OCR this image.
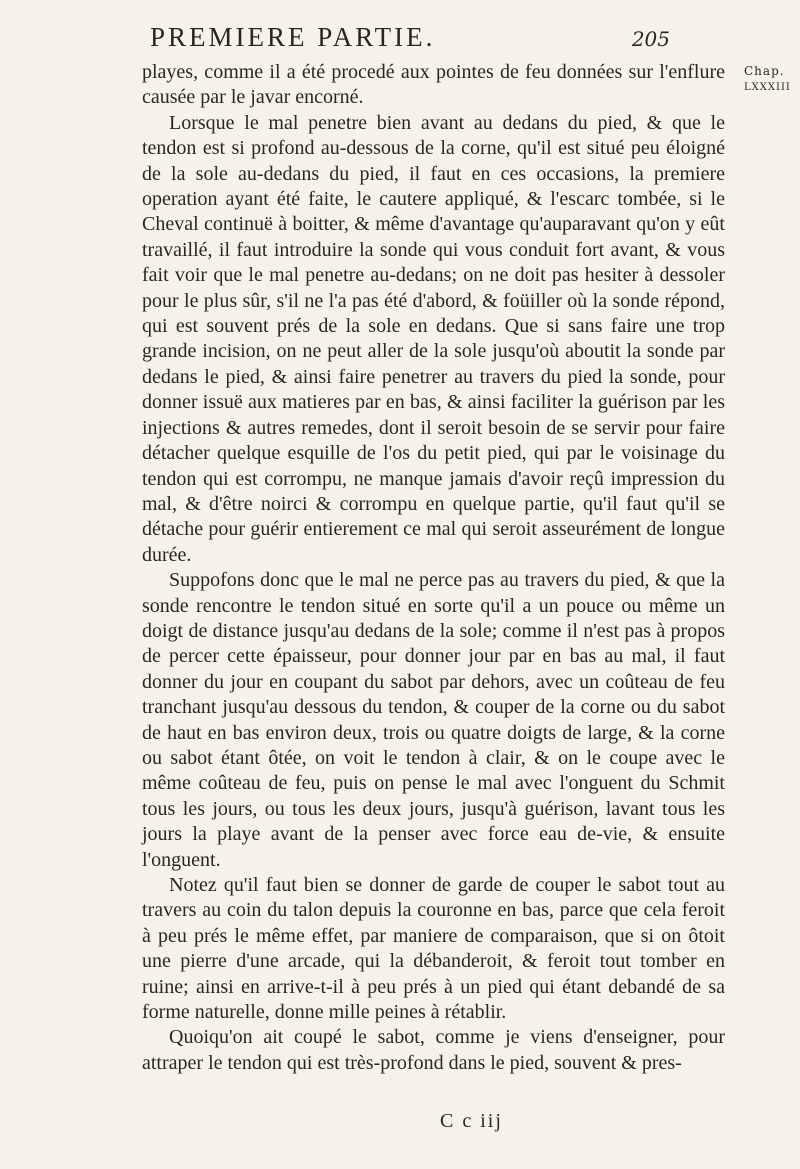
PREMIERE PARTIE.	205
Chap.
LXXXIII

playes, comme il a été procedé aux pointes de feu données sur l'enflure causée par le javar encorné.

Lorsque le mal penetre bien avant au dedans du pied, & que le tendon est si profond au-dessous de la corne, qu'il est situé peu éloigné de la sole au-dedans du pied, il faut en ces occasions, la premiere operation ayant été faite, le cautere appliqué, & l'escarc tombée, si le Cheval continuë à boitter, & même d'avantage qu'auparavant qu'on y eût travaillé, il faut introduire la sonde qui vous conduit fort avant, & vous fait voir que le mal penetre au-dedans; on ne doit pas hesiter à dessoler pour le plus sûr, s'il ne l'a pas été d'abord, & foüiller où la sonde répond, qui est souvent prés de la sole en dedans. Que si sans faire une trop grande incision, on ne peut aller de la sole jusqu'où aboutit la sonde par dedans le pied, & ainsi faire penetrer au travers du pied la sonde, pour donner issuë aux matieres par en bas, & ainsi faciliter la guérison par les injections & autres remedes, dont il seroit besoin de se servir pour faire détacher quelque esquille de l'os du petit pied, qui par le voisinage du tendon qui est corrompu, ne manque jamais d'avoir reçû impression du mal, & d'être noirci & corrompu en quelque partie, qu'il faut qu'il se détache pour guérir entierement ce mal qui seroit asseurément de longue durée.

Suppofons donc que le mal ne perce pas au travers du pied, & que la sonde rencontre le tendon situé en sorte qu'il a un pouce ou même un doigt de distance jusqu'au dedans de la sole; comme il n'est pas à propos de percer cette épaisseur, pour donner jour par en bas au mal, il faut donner du jour en coupant du sabot par dehors, avec un coûteau de feu tranchant jusqu'au dessous du tendon, & couper de la corne ou du sabot de haut en bas environ deux, trois ou quatre doigts de large, & la corne ou sabot étant ôtée, on voit le tendon à clair, & on le coupe avec le même coûteau de feu, puis on pense le mal avec l'onguent du Schmit tous les jours, ou tous les deux jours, jusqu'à guérison, lavant tous les jours la playe avant de la penser avec force eau de-vie, & ensuite l'onguent.

Notez qu'il faut bien se donner de garde de couper le sabot tout au travers au coin du talon depuis la couronne en bas, parce que cela feroit à peu prés le même effet, par maniere de comparaison, que si on ôtoit une pierre d'une arcade, qui la débanderoit, & feroit tout tomber en ruine; ainsi en arrive-t-il à peu prés à un pied qui étant debandé de sa forme naturelle, donne mille peines à rétablir.

Quoiqu'on ait coupé le sabot, comme je viens d'enseigner, pour attraper le tendon qui est très-profond dans le pied, souvent & pres-

C c iij
